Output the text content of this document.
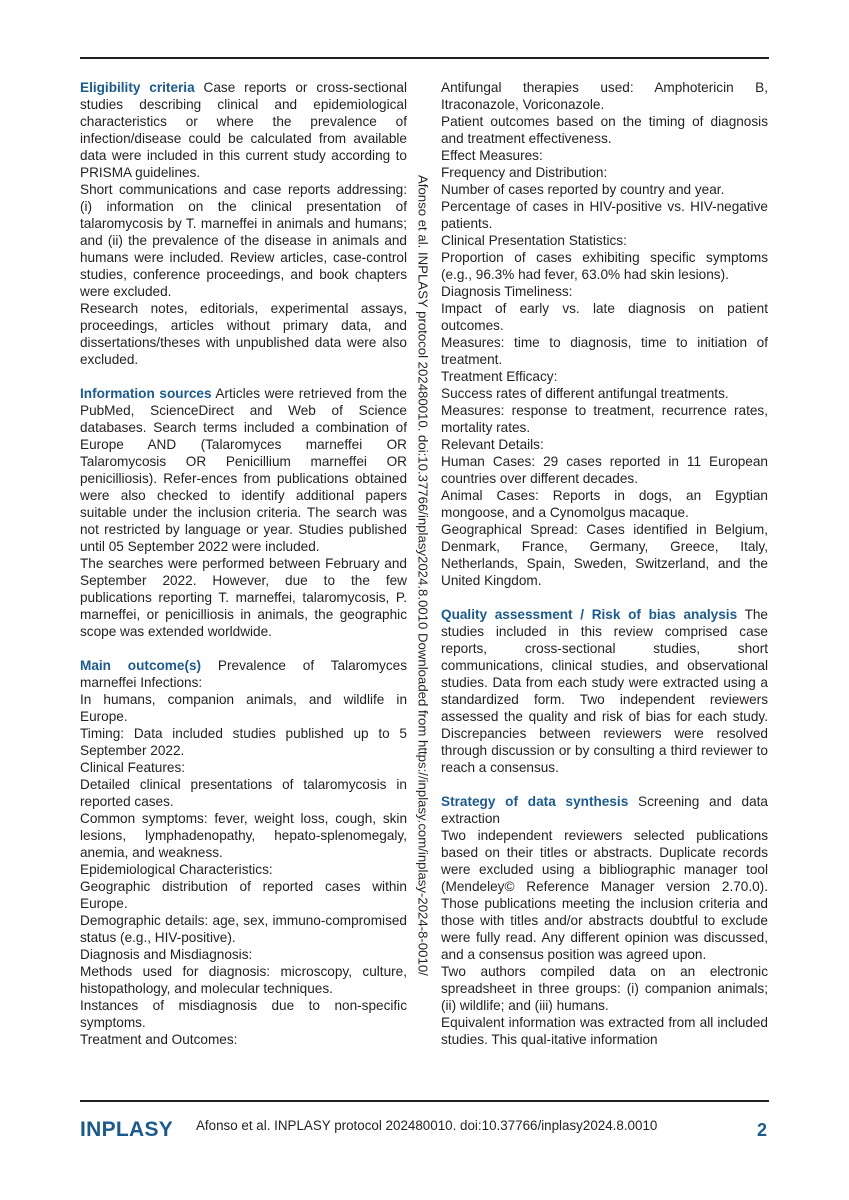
Eligibility criteria Case reports or cross-sectional studies describing clinical and epidemiological characteristics or where the prevalence of infection/disease could be calculated from available data were included in this current study according to PRISMA guidelines.

Short communications and case reports addressing: (i) information on the clinical presentation of talaromycosis by T. marneffei in animals and humans; and (ii) the prevalence of the disease in animals and humans were included. Review articles, case-control studies, conference proceedings, and book chapters were excluded.

Research notes, editorials, experimental assays, proceedings, articles without primary data, and dissertations/theses with unpublished data were also excluded.

Information sources Articles were retrieved from the PubMed, ScienceDirect and Web of Science databases. Search terms included a combination of Europe AND (Talaromyces marneffei OR Talaromycosis OR Penicillium marneffei OR penicilliosis). Refer-ences from publications obtained were also checked to identify additional papers suitable under the inclusion criteria. The search was not restricted by language or year. Studies published until 05 September 2022 were included.

The searches were performed between February and September 2022. However, due to the few publications reporting T. marneffei, talaromycosis, P. marneffei, or penicilliosis in animals, the geographic scope was extended worldwide.

Main outcome(s) Prevalence of Talaromyces marneffei Infections:

In humans, companion animals, and wildlife in Europe.

Timing: Data included studies published up to 5 September 2022.

Clinical Features:

Detailed clinical presentations of talaromycosis in reported cases.

Common symptoms: fever, weight loss, cough, skin lesions, lymphadenopathy, hepato-splenomegaly, anemia, and weakness.

Epidemiological Characteristics:

Geographic distribution of reported cases within Europe.

Demographic details: age, sex, immuno-compromised status (e.g., HIV-positive).

Diagnosis and Misdiagnosis:

Methods used for diagnosis: microscopy, culture, histopathology, and molecular techniques.

Instances of misdiagnosis due to non-specific symptoms.

Treatment and Outcomes:

Antifungal therapies used: Amphotericin B, Itraconazole, Voriconazole.

Patient outcomes based on the timing of diagnosis and treatment effectiveness.

Effect Measures:

Frequency and Distribution:

Number of cases reported by country and year.

Percentage of cases in HIV-positive vs. HIV-negative patients.

Clinical Presentation Statistics:

Proportion of cases exhibiting specific symptoms (e.g., 96.3% had fever, 63.0% had skin lesions).

Diagnosis Timeliness:

Impact of early vs. late diagnosis on patient outcomes.

Measures: time to diagnosis, time to initiation of treatment.

Treatment Efficacy:

Success rates of different antifungal treatments.

Measures: response to treatment, recurrence rates, mortality rates.

Relevant Details:

Human Cases: 29 cases reported in 11 European countries over different decades.

Animal Cases: Reports in dogs, an Egyptian mongoose, and a Cynomolgus macaque.

Geographical Spread: Cases identified in Belgium, Denmark, France, Germany, Greece, Italy, Netherlands, Spain, Sweden, Switzerland, and the United Kingdom.

Quality assessment / Risk of bias analysis The studies included in this review comprised case reports, cross-sectional studies, short communications, clinical studies, and observational studies. Data from each study were extracted using a standardized form. Two independent reviewers assessed the quality and risk of bias for each study. Discrepancies between reviewers were resolved through discussion or by consulting a third reviewer to reach a consensus.

Strategy of data synthesis Screening and data extraction

Two independent reviewers selected publications based on their titles or abstracts. Duplicate records were excluded using a bibliographic manager tool (Mendeley© Reference Manager version 2.70.0). Those publications meeting the inclusion criteria and those with titles and/or abstracts doubtful to exclude were fully read. Any different opinion was discussed, and a consensus position was agreed upon.

Two authors compiled data on an electronic spreadsheet in three groups: (i) companion animals; (ii) wildlife; and (iii) humans.

Equivalent information was extracted from all included studies. This qual-itative information

Afonso et al. INPLASY protocol 202480010. doi:10.37766/inplasy2024.8.0010 Downloaded from https://inplasy.com/inplasy-2024-8-0010/
INPLASY Afonso et al. INPLASY protocol 202480010. doi:10.37766/inplasy2024.8.0010	2
